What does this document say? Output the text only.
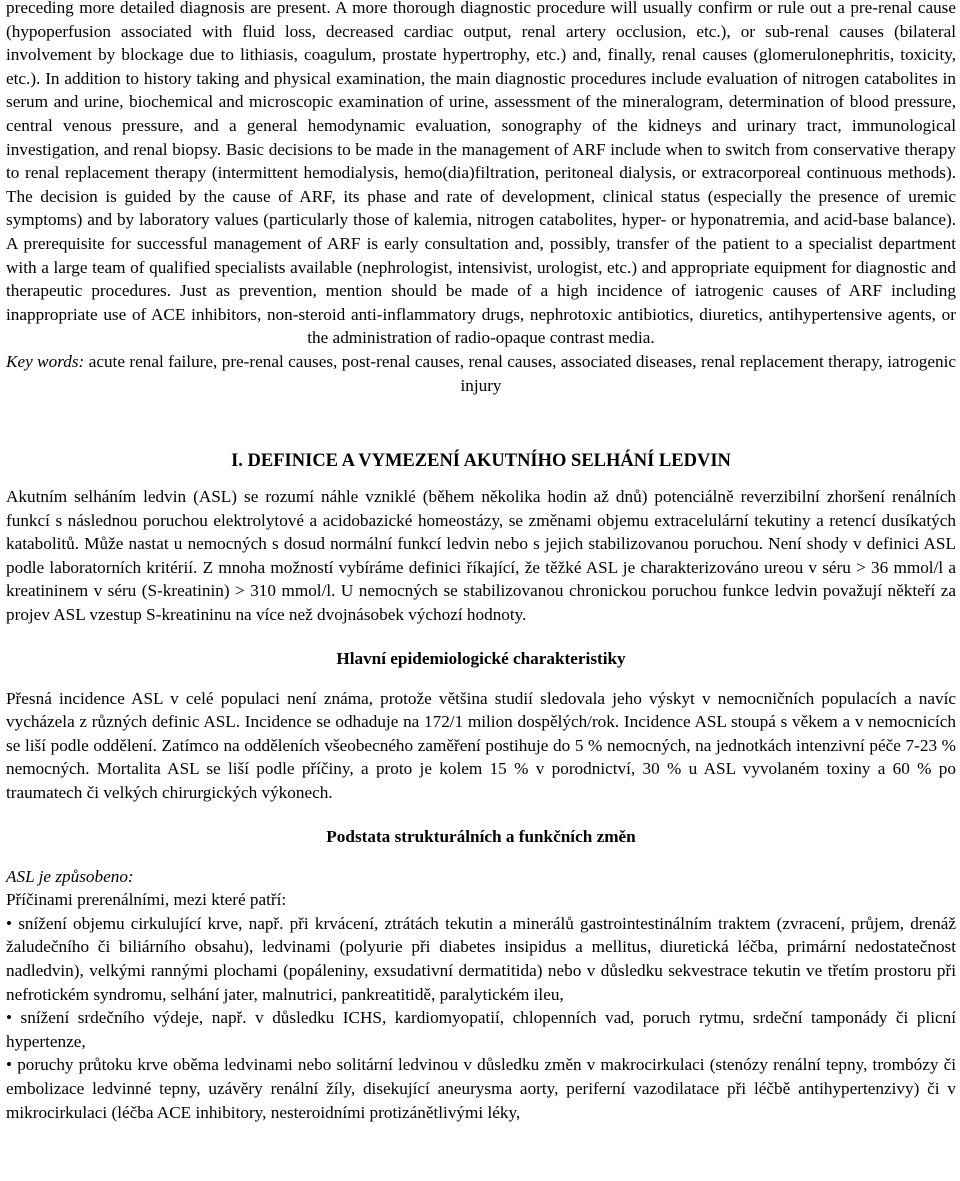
preceding more detailed diagnosis are present. A more thorough diagnostic procedure will usually confirm or rule out a pre-renal cause (hypoperfusion associated with fluid loss, decreased cardiac output, renal artery occlusion, etc.), or sub-renal causes (bilateral involvement by blockage due to lithiasis, coagulum, prostate hypertrophy, etc.) and, finally, renal causes (glomerulonephritis, toxicity, etc.). In addition to history taking and physical examination, the main diagnostic procedures include evaluation of nitrogen catabolites in serum and urine, biochemical and microscopic examination of urine, assessment of the mineralogram, determination of blood pressure, central venous pressure, and a general hemodynamic evaluation, sonography of the kidneys and urinary tract, immunological investigation, and renal biopsy. Basic decisions to be made in the management of ARF include when to switch from conservative therapy to renal replacement therapy (intermittent hemodialysis, hemo(dia)filtration, peritoneal dialysis, or extracorporeal continuous methods). The decision is guided by the cause of ARF, its phase and rate of development, clinical status (especially the presence of uremic symptoms) and by laboratory values (particularly those of kalemia, nitrogen catabolites, hyper- or hyponatremia, and acid-base balance). A prerequisite for successful management of ARF is early consultation and, possibly, transfer of the patient to a specialist department with a large team of qualified specialists available (nephrologist, intensivist, urologist, etc.) and appropriate equipment for diagnostic and therapeutic procedures. Just as prevention, mention should be made of a high incidence of iatrogenic causes of ARF including inappropriate use of ACE inhibitors, non-steroid anti-inflammatory drugs, nephrotoxic antibiotics, diuretics, antihypertensive agents, or the administration of radio-opaque contrast media.

Key words: acute renal failure, pre-renal causes, post-renal causes, renal causes, associated diseases, renal replacement therapy, iatrogenic injury

I. DEFINICE A VYMEZENÍ AKUTNÍHO SELHÁNÍ LEDVIN

Akutním selháním ledvin (ASL) se rozumí náhle vzniklé (během několika hodin až dnů) potenciálně reverzibilní zhoršení renálních funkcí s následnou poruchou elektrolytové a acidobazické homeostázy, se změnami objemu extracelulární tekutiny a retencí dusíkatých katabolitů. Může nastat u nemocných s dosud normální funkcí ledvin nebo s jejich stabilizovanou poruchou. Není shody v definici ASL podle laboratorních kritérií. Z mnoha možností vybíráme definici říkající, že těžké ASL je charakterizováno ureou v séru > 36 mmol/l a kreatininem v séru (S-kreatinin) > 310 mmol/l. U nemocných se stabilizovanou chronickou poruchou funkce ledvin považují někteří za projev ASL vzestup S-kreatininu na více než dvojnásobek výchozí hodnoty.

Hlavní epidemiologické charakteristiky

Přesná incidence ASL v celé populaci není známa, protože většina studií sledovala jeho výskyt v nemocničních populacích a navíc vycházela z různých definic ASL. Incidence se odhaduje na 172/1 milion dospělých/rok. Incidence ASL stoupá s věkem a v nemocnicích se liší podle oddělení. Zatímco na odděleních všeobecného zaměření postihuje do 5 % nemocných, na jednotkách intenzivní péče 7-23 % nemocných. Mortalita ASL se liší podle příčiny, a proto je kolem 15 % v porodnictví, 30 % u ASL vyvolaném toxiny a 60 % po traumatech či velkých chirurgických výkonech.

Podstata strukturálních a funkčních změn

ASL je způsobeno:

Příčinami prerenálními, mezi které patří:

• snížení objemu cirkulující krve, např. při krvácení, ztrátách tekutin a minerálů gastrointestinálním traktem (zvracení, průjem, drenáž žaludečního či biliárního obsahu), ledvinami (polyurie při diabetes insipidus a mellitus, diuretická léčba, primární nedostatečnost nadledvin), velkými rannými plochami (popáleniny, exsudativní dermatitida) nebo v důsledku sekvestrace tekutin ve třetím prostoru při nefrotickém syndromu, selhání jater, malnutrici, pankreatitidě, paralytickém ileu,

• snížení srdečního výdeje, např. v důsledku ICHS, kardiomyopatií, chlopenních vad, poruch rytmu, srdeční tamponády či plicní hypertenze,

• poruchy průtoku krve oběma ledvinami nebo solitární ledvinou v důsledku změn v makrocirkulaci (stenózy renální tepny, trombózy či embolizace ledvinné tepny, uzávěry renální žíly, disekující aneurysma aorty, periferní vazodilatace při léčbě antihypertenzivy) či v mikrocirkulaci (léčba ACE inhibitory, nesteroidními protizánětlivými léky,
